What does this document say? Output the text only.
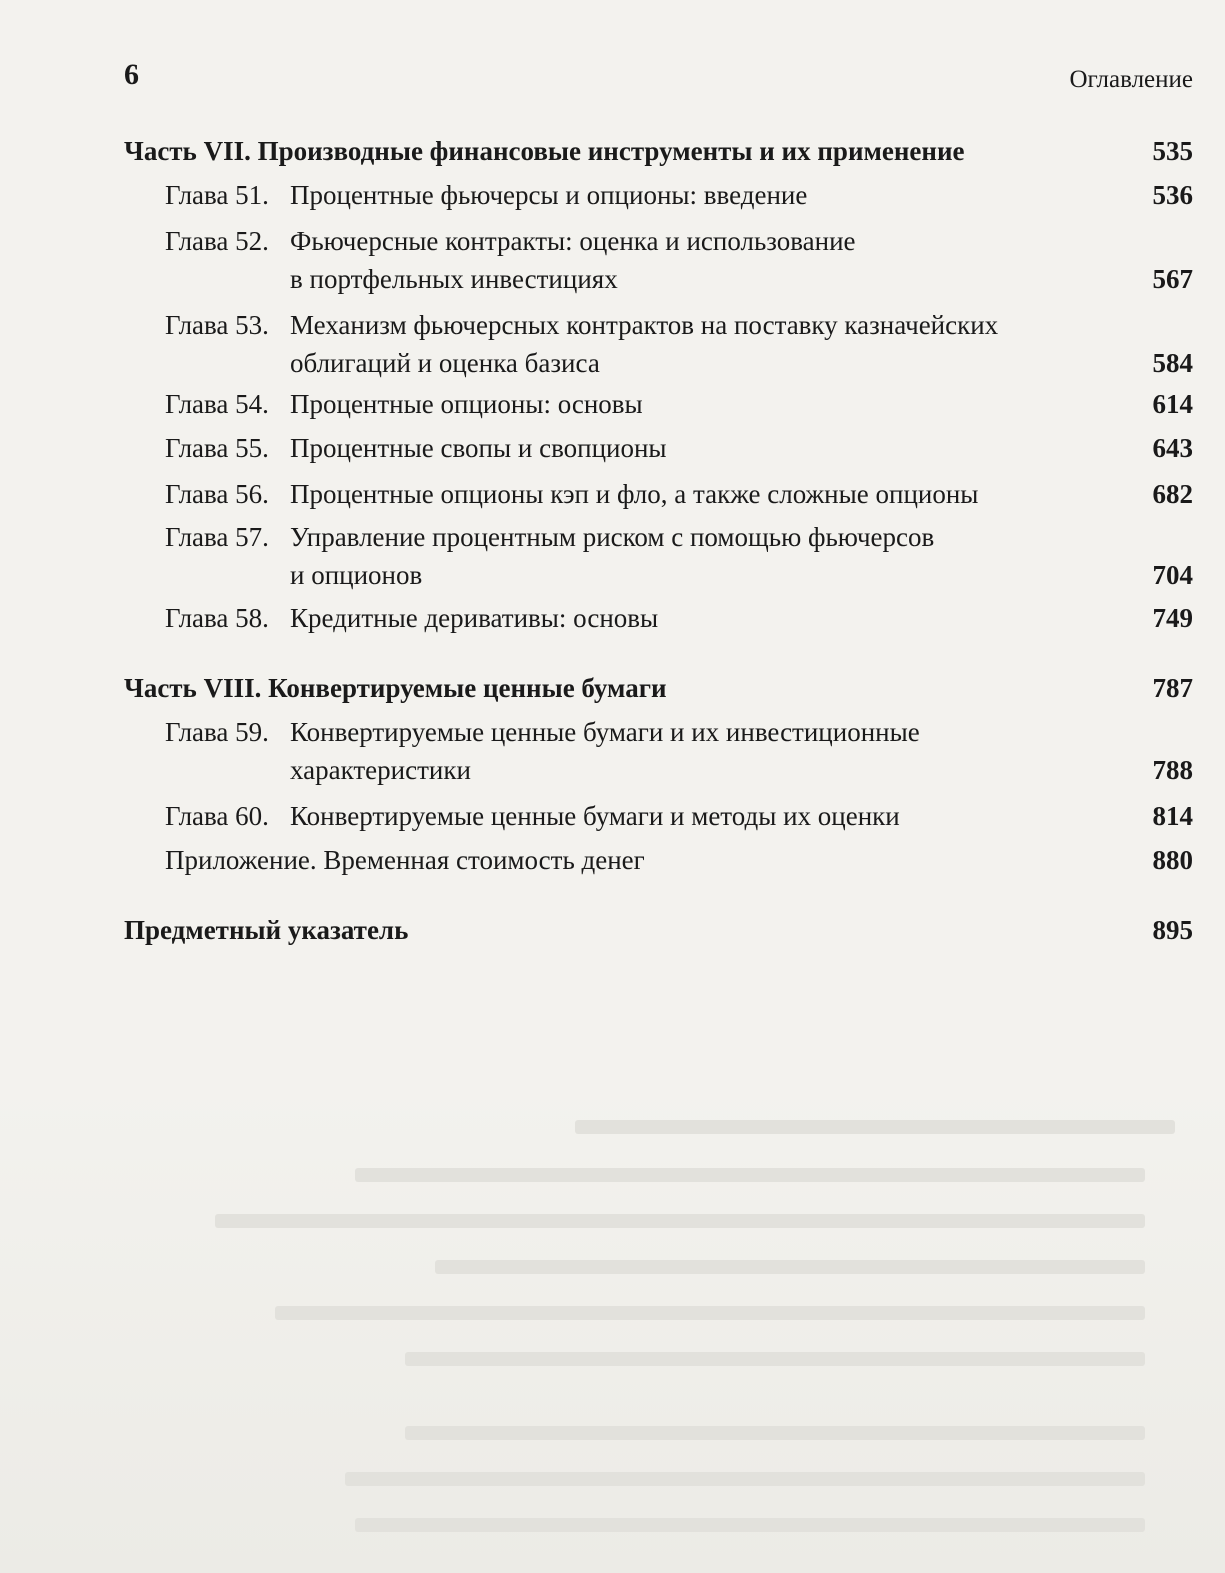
6	Оглавление
Часть VII. Производные финансовые инструменты и их применение	535
Глава 51. Процентные фьючерсы и опционы: введение	536
Глава 52. Фьючерсные контракты: оценка и использование
в портфельных инвестициях	567
Глава 53. Механизм фьючерсных контрактов на поставку казначейских
облигаций и оценка базиса	584
Глава 54. Процентные опционы: основы	614
Глава 55. Процентные свопы и свопционы	643
Глава 56. Процентные опционы кэп и фло, а также сложные опционы	682
Глава 57. Управление процентным риском с помощью фьючерсов
и опционов	704
Глава 58. Кредитные деривативы: основы	749
Часть VIII. Конвертируемые ценные бумаги	787
Глава 59. Конвертируемые ценные бумаги и их инвестиционные
характеристики	788
Глава 60. Конвертируемые ценные бумаги и методы их оценки	814
Приложение. Временная стоимость денег	880
Предметный указатель	895
